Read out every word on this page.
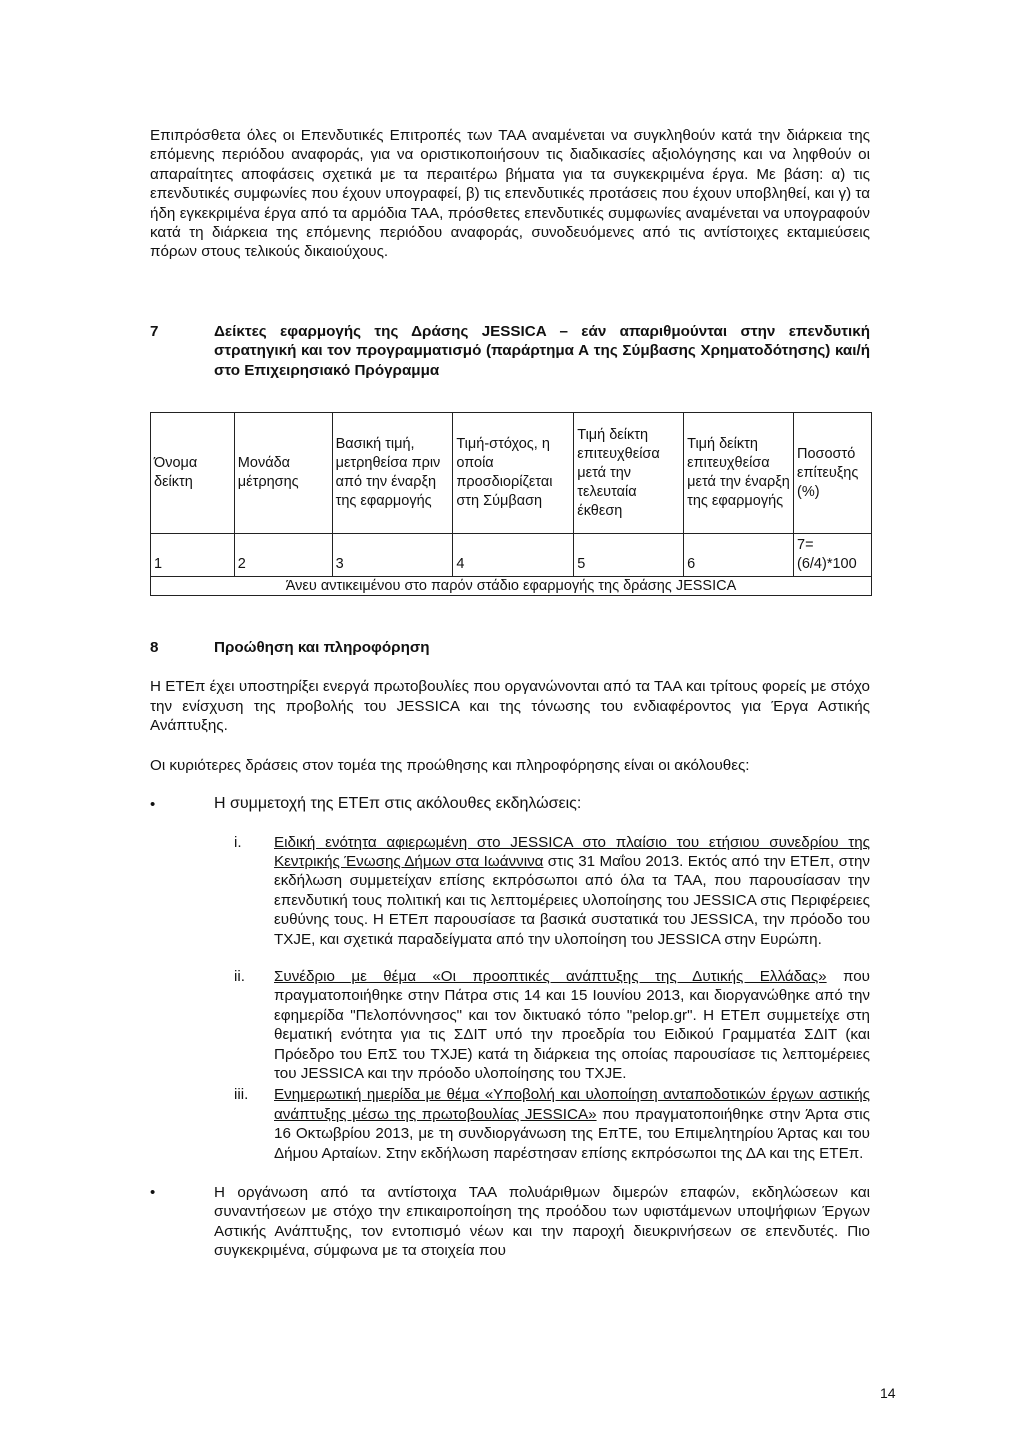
Επιπρόσθετα όλες οι Επενδυτικές Επιτροπές των ΤΑΑ αναμένεται να συγκληθούν κατά την διάρκεια της επόμενης περιόδου αναφοράς, για να οριστικοποιήσουν τις διαδικασίες αξιολόγησης και να ληφθούν οι απαραίτητες αποφάσεις σχετικά με τα περαιτέρω βήματα για τα συγκεκριμένα έργα. Με βάση: α) τις επενδυτικές συμφωνίες που έχουν υπογραφεί, β) τις επενδυτικές προτάσεις που έχουν υποβληθεί, και γ) τα ήδη εγκεκριμένα έργα από τα αρμόδια ΤΑΑ, πρόσθετες επενδυτικές συμφωνίες αναμένεται να υπογραφούν κατά τη διάρκεια της επόμενης περιόδου αναφοράς, συνοδευόμενες από τις αντίστοιχες εκταμιεύσεις πόρων στους τελικούς δικαιούχους.

7	Δείκτες εφαρμογής της Δράσης JESSICA – εάν απαριθμούνται στην επενδυτική στρατηγική και τον προγραμματισμό (παράρτημα Α της Σύμβασης Χρηματοδότησης) και/ή στο Επιχειρησιακό Πρόγραμμα
Όνομα δείκτη	Μονάδα μέτρησης	Βασική τιμή, μετρηθείσα πριν από την έναρξη της εφαρμογής	Τιμή-στόχος, η οποία προσδιορίζεται στη Σύμβαση	Τιμή δείκτη επιτευχθείσα μετά την τελευταία έκθεση	Τιμή δείκτη επιτευχθείσα μετά την έναρξη της εφαρμογής	Ποσοστό επίτευξης (%)
1	2	3	4	5	6	7=(6/4)*100
Άνευ αντικειμένου στο παρόν στάδιο εφαρμογής της δράσης JESSICA						
8	Προώθηση και πληροφόρηση

Η ΕΤΕπ έχει υποστηρίξει ενεργά πρωτοβουλίες που οργανώνονται από τα ΤΑΑ και τρίτους φορείς με στόχο την ενίσχυση της προβολής του JESSICA και της τόνωσης του ενδιαφέροντος για Έργα Αστικής Ανάπτυξης.

Οι κυριότερες δράσεις στον τομέα της προώθησης και πληροφόρησης είναι οι ακόλουθες:

•	Η συμμετοχή της ΕΤΕπ στις ακόλουθες εκδηλώσεις:
i.	Ειδική ενότητα αφιερωμένη στο JESSICA στο πλαίσιο του ετήσιου συνεδρίου της Κεντρικής Ένωσης Δήμων στα Ιωάννινα στις 31 Μαΐου 2013. Εκτός από την ΕΤΕπ, στην εκδήλωση συμμετείχαν επίσης εκπρόσωποι από όλα τα ΤΑΑ, που παρουσίασαν την επενδυτική τους πολιτική και τις λεπτομέρειες υλοποίησης του JESSICA στις Περιφέρειες ευθύνης τους. Η ΕΤΕπ παρουσίασε τα βασικά συστατικά του JESSICA, την πρόοδο του TXJE, και σχετικά παραδείγματα από την υλοποίηση του JESSICA στην Ευρώπη.

ii.	Συνέδριο με θέμα «Οι προοπτικές ανάπτυξης της Δυτικής Ελλάδας» που πραγματοποιήθηκε στην Πάτρα στις 14 και 15 Ιουνίου 2013, και διοργανώθηκε από την εφημερίδα "Πελοπόννησος" και τον δικτυακό τόπο "pelop.gr". Η ΕΤΕπ συμμετείχε στη θεματική ενότητα για τις ΣΔΙΤ υπό την προεδρία του Ειδικού Γραμματέα ΣΔΙΤ (και Πρόεδρο του ΕπΣ του TXJE) κατά τη διάρκεια της οποίας παρουσίασε τις λεπτομέρειες του JESSICA και την πρόοδο υλοποίησης του TXJE.

iii.	Ενημερωτική ημερίδα με θέμα «Υποβολή και υλοποίηση ανταποδοτικών έργων αστικής ανάπτυξης μέσω της πρωτοβουλίας JESSICA» που πραγματοποιήθηκε στην Άρτα στις 16 Οκτωβρίου 2013, με τη συνδιοργάνωση της ΕπΤΕ, του Επιμελητηρίου Άρτας και του Δήμου Αρταίων. Στην εκδήλωση παρέστησαν επίσης εκπρόσωποι της ΔΑ και της ΕΤΕπ.

•	Η οργάνωση από τα αντίστοιχα ΤΑΑ πολυάριθμων διμερών επαφών, εκδηλώσεων και συναντήσεων με στόχο την επικαιροποίηση της προόδου των υφιστάμενων υποψήφιων Έργων Αστικής Ανάπτυξης, τον εντοπισμό νέων και την παροχή διευκρινήσεων σε επενδυτές. Πιο συγκεκριμένα, σύμφωνα με τα στοιχεία που

14
